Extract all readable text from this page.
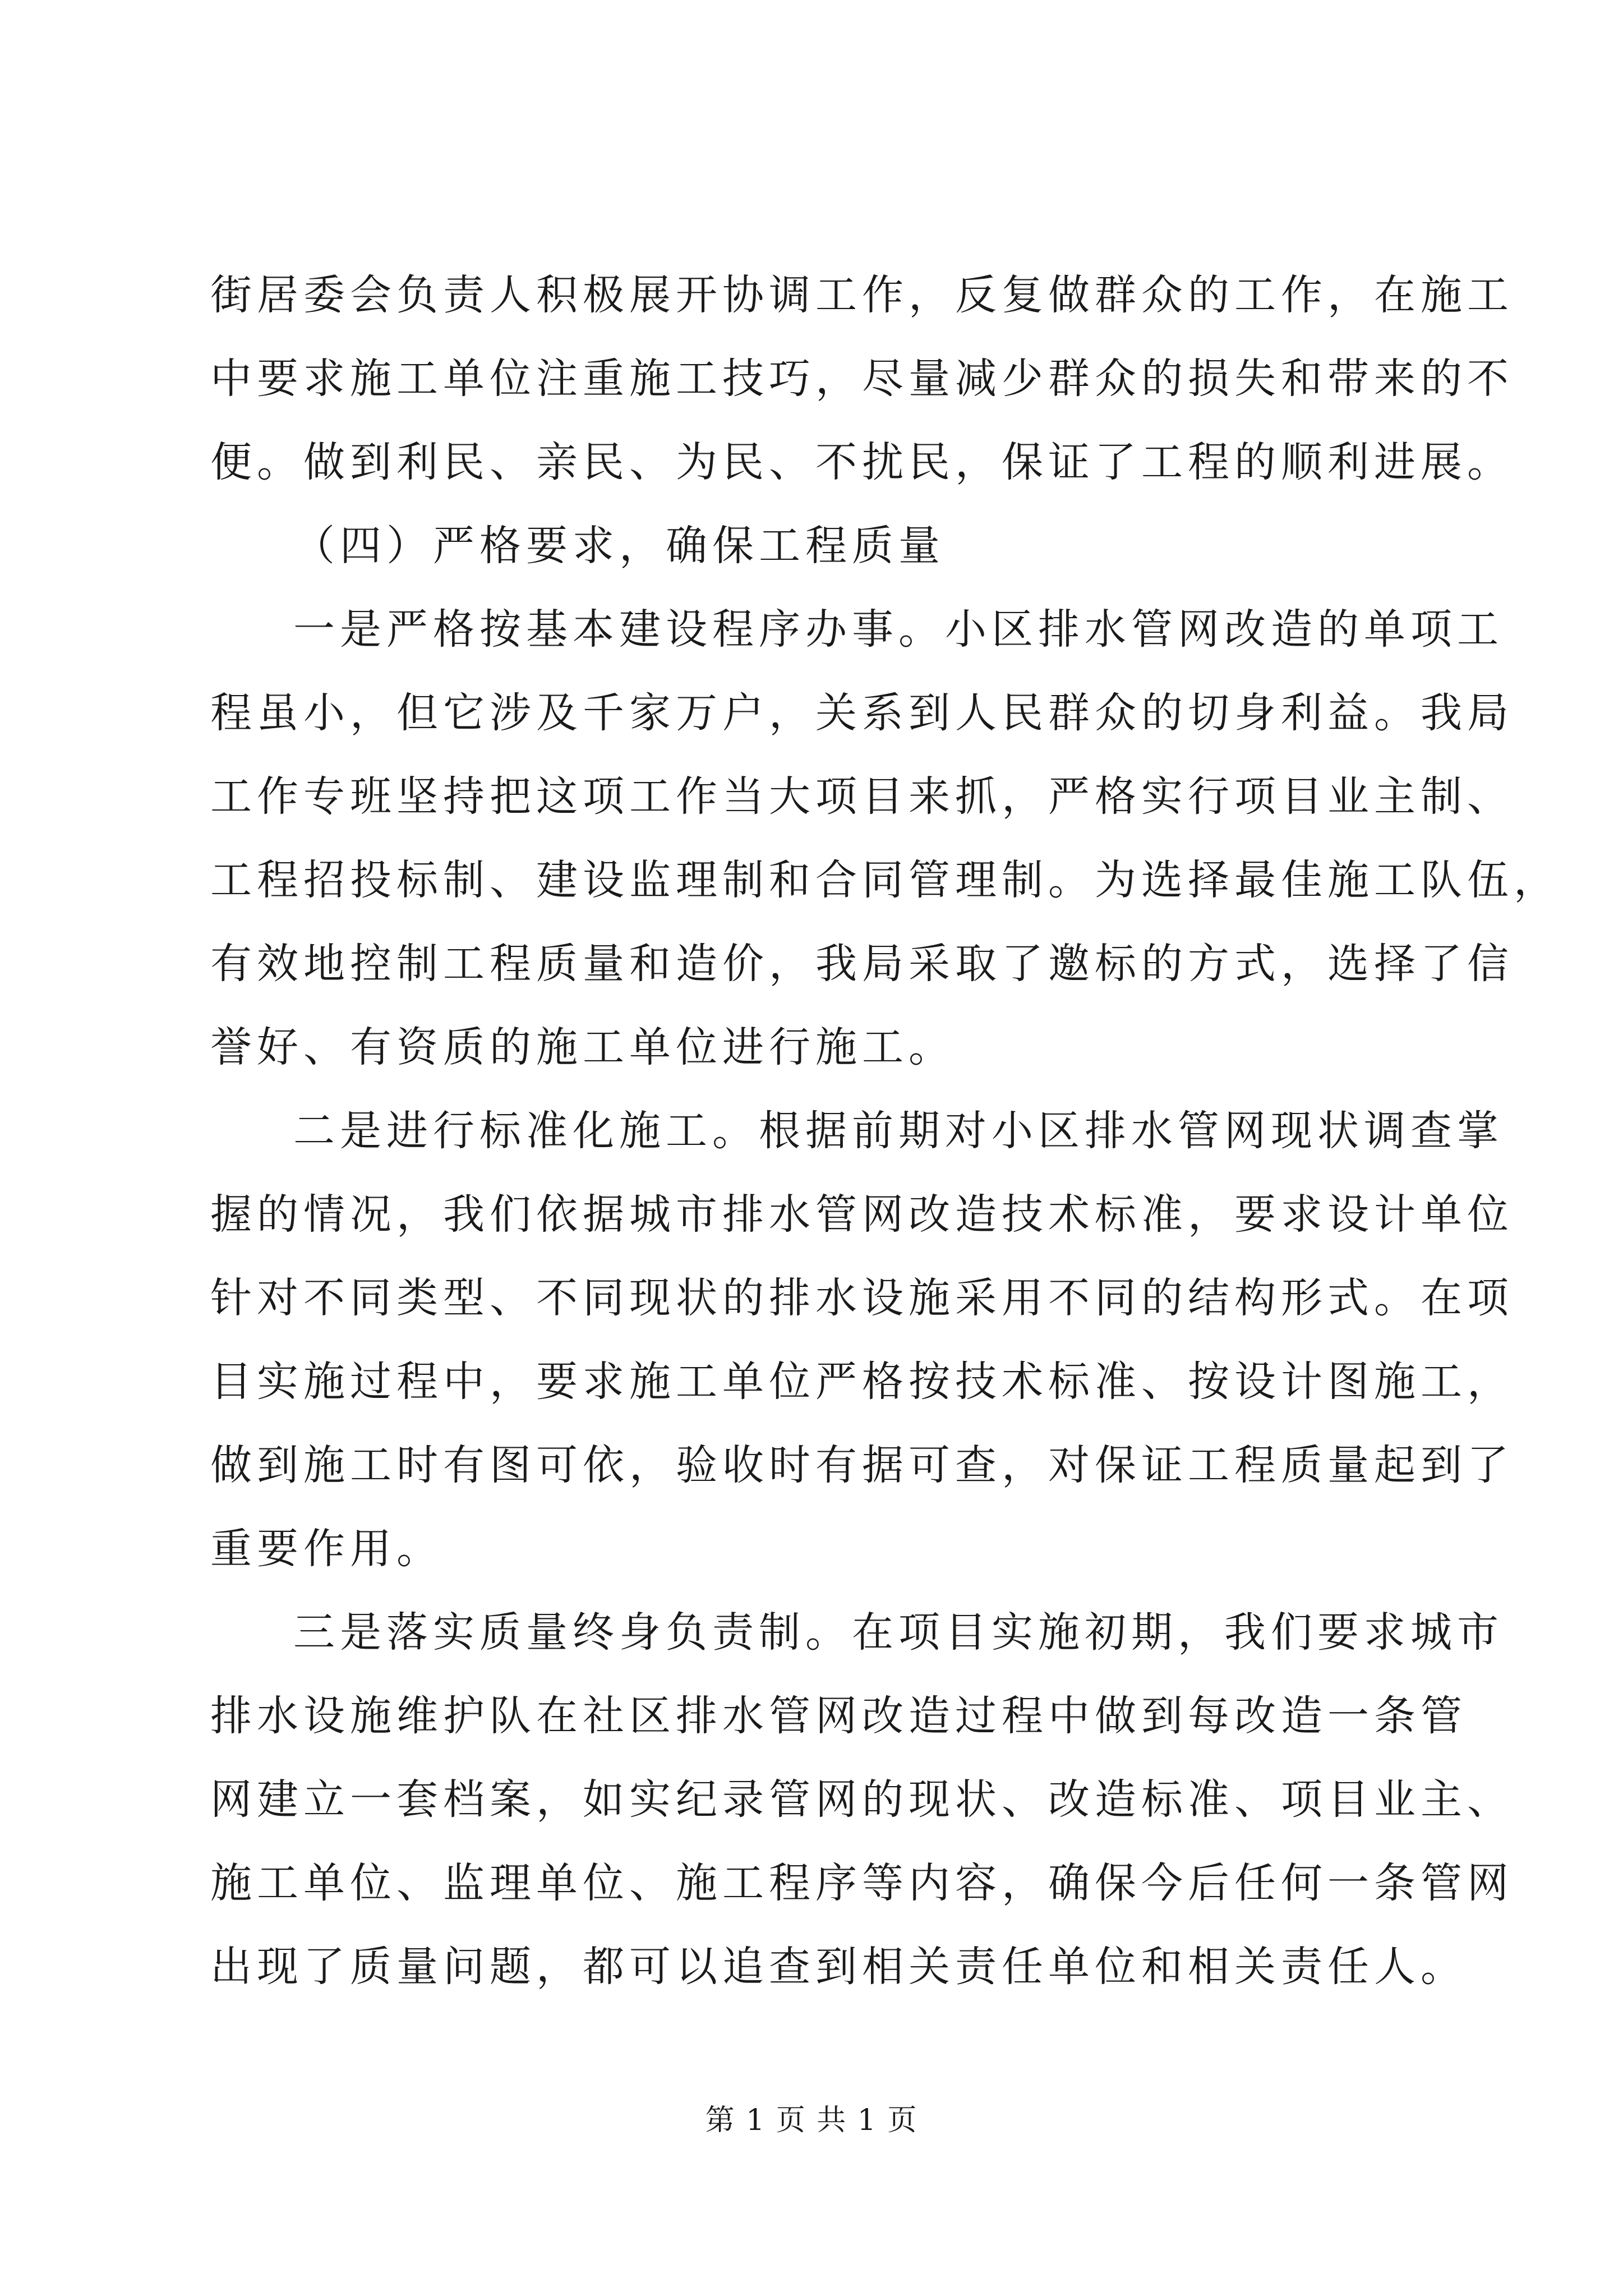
街居委会负责人积极展开协调工作，反复做群众的工作，在施工
中要求施工单位注重施工技巧，尽量减少群众的损失和带来的不
便。做到利民、亲民、为民、不扰民，保证了工程的顺利进展。
（四）严格要求，确保工程质量
一是严格按基本建设程序办事。小区排水管网改造的单项工
程虽小，但它涉及千家万户，关系到人民群众的切身利益。我局
工作专班坚持把这项工作当大项目来抓，严格实行项目业主制、
工程招投标制、建设监理制和合同管理制。为选择最佳施工队伍，
有效地控制工程质量和造价，我局采取了邀标的方式，选择了信
誉好、有资质的施工单位进行施工。
二是进行标准化施工。根据前期对小区排水管网现状调查掌
握的情况，我们依据城市排水管网改造技术标准，要求设计单位
针对不同类型、不同现状的排水设施采用不同的结构形式。在项
目实施过程中，要求施工单位严格按技术标准、按设计图施工，
做到施工时有图可依，验收时有据可查，对保证工程质量起到了
重要作用。
三是落实质量终身负责制。在项目实施初期，我们要求城市
排水设施维护队在社区排水管网改造过程中做到每改造一条管
网建立一套档案，如实纪录管网的现状、改造标准、项目业主、
施工单位、监理单位、施工程序等内容，确保今后任何一条管网
出现了质量问题，都可以追查到相关责任单位和相关责任人。
第 1 页 共 1 页
